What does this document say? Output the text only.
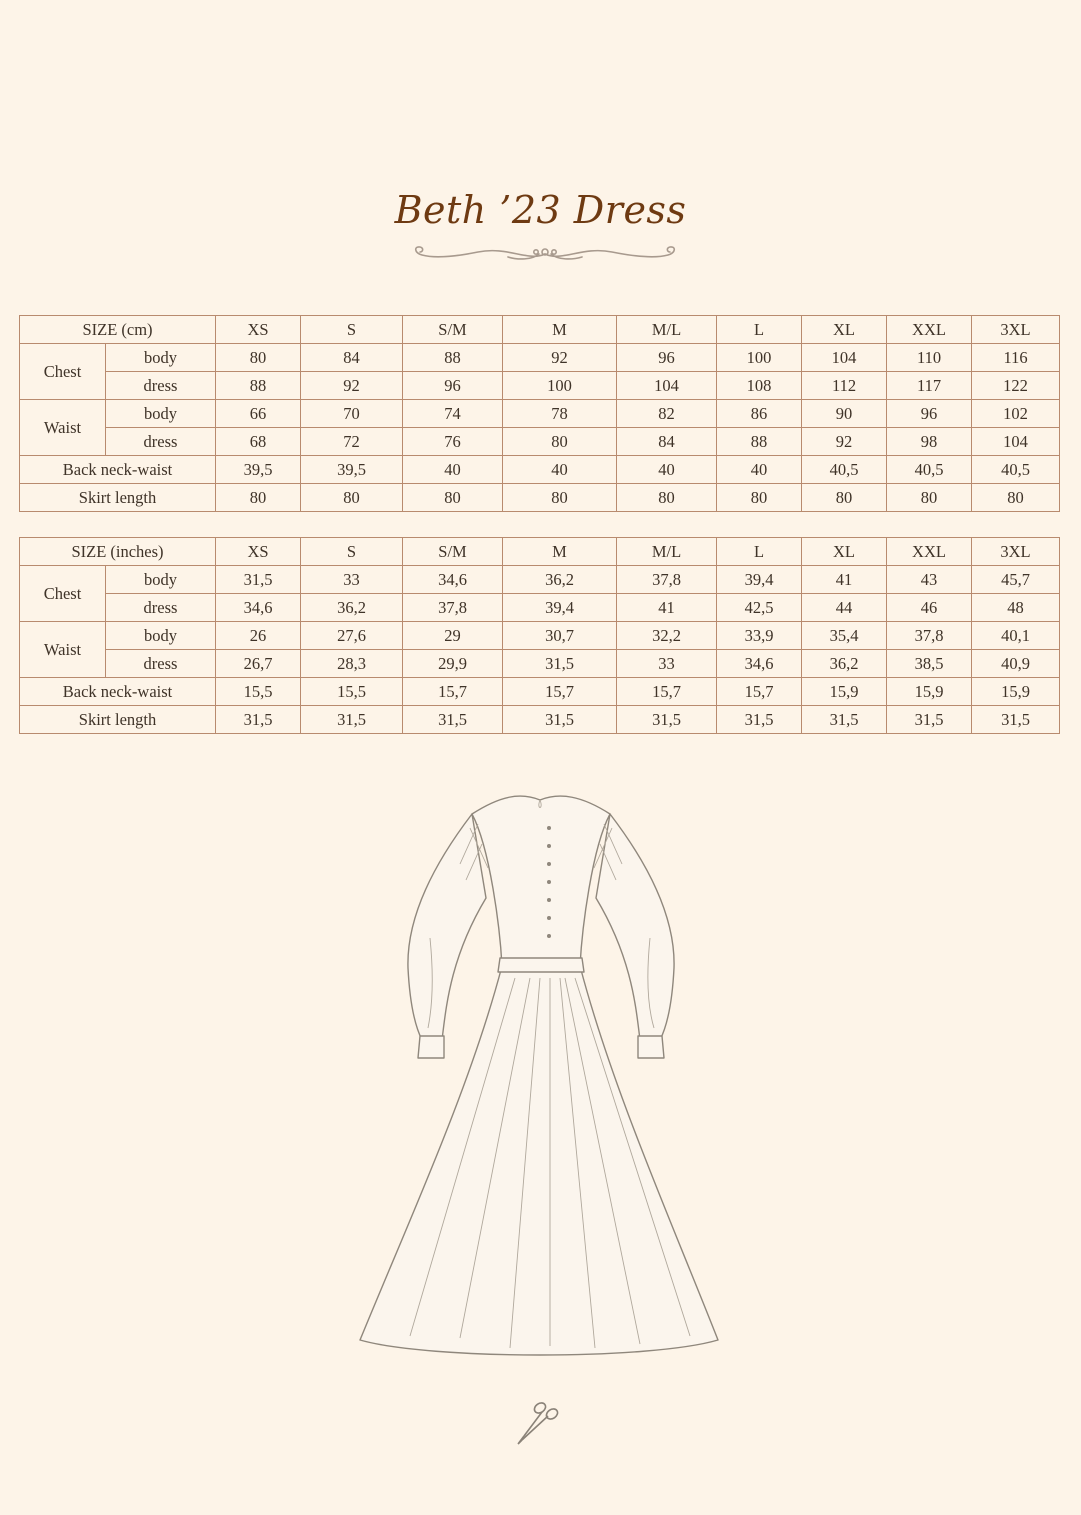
Beth ’23 Dress
SIZE (cm)		XS	S	S/M	M	M/L	L	XL	XXL	3XL
Chest	body	80	84	88	92	96	100	104	110	116
	dress	88	92	96	100	104	108	112	117	122
Waist	body	66	70	74	78	82	86	90	96	102
	dress	68	72	76	80	84	88	92	98	104
Back neck-waist		39,5	39,5	40	40	40	40	40,5	40,5	40,5
Skirt length		80	80	80	80	80	80	80	80	80
SIZE (inches)		XS	S	S/M	M	M/L	L	XL	XXL	3XL
Chest	body	31,5	33	34,6	36,2	37,8	39,4	41	43	45,7
	dress	34,6	36,2	37,8	39,4	41	42,5	44	46	48
Waist	body	26	27,6	29	30,7	32,2	33,9	35,4	37,8	40,1
	dress	26,7	28,3	29,9	31,5	33	34,6	36,2	38,5	40,9
Back neck-waist		15,5	15,5	15,7	15,7	15,7	15,7	15,9	15,9	15,9
Skirt length		31,5	31,5	31,5	31,5	31,5	31,5	31,5	31,5	31,5
